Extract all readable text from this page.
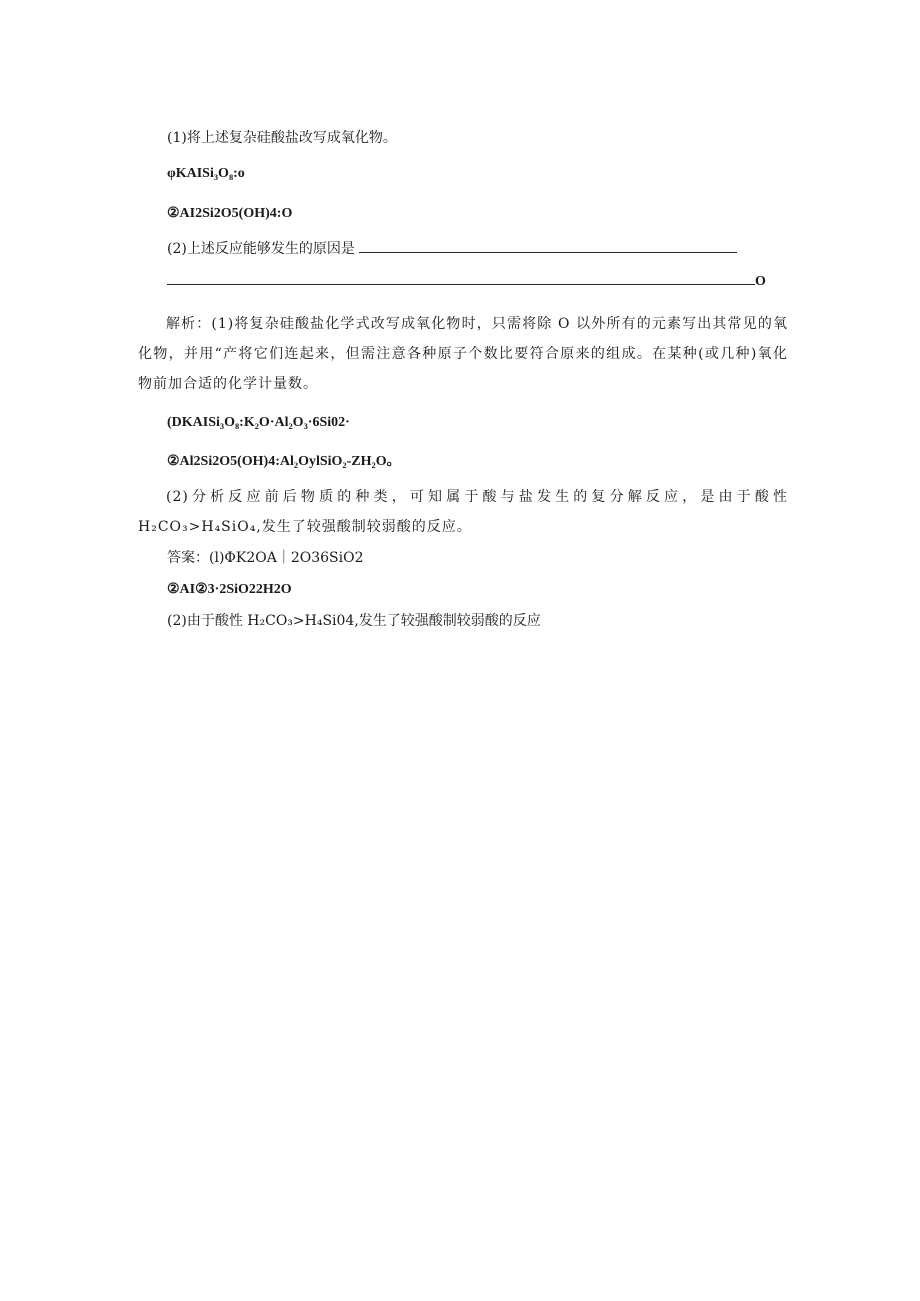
(1)将上述复杂硅酸盐改写成氧化物。
φKAISi₃O₈:o
②AI2Si2O5(OH)4:O
(2)上述反应能够发生的原因是
O
解析：(1)将复杂硅酸盐化学式改写成氧化物时，只需将除 O 以外所有的元素写出其常见的氧化物，并用“产将它们连起来，但需注意各种原子个数比要符合原来的组成。在某种(或几种)氧化物前加合适的化学计量数。
(DKAISi₃O₈:K₂O·Al₂O₃·6Si02·
②Al2Si2O5(OH)4:Al₂OylSiO₂-ZH₂O。
(2)分析反应前后物质的种类，可知属于酸与盐发生的复分解反应，是由于酸性H₂CO₃>H₄SiO₄,发生了较强酸制较弱酸的反应。
答案：(l)ΦK2OA｜2O36SiO2
②AI②3·2SiO22H2O
(2)由于酸性 H₂CO₃>H₄Si04,发生了较强酸制较弱酸的反应
